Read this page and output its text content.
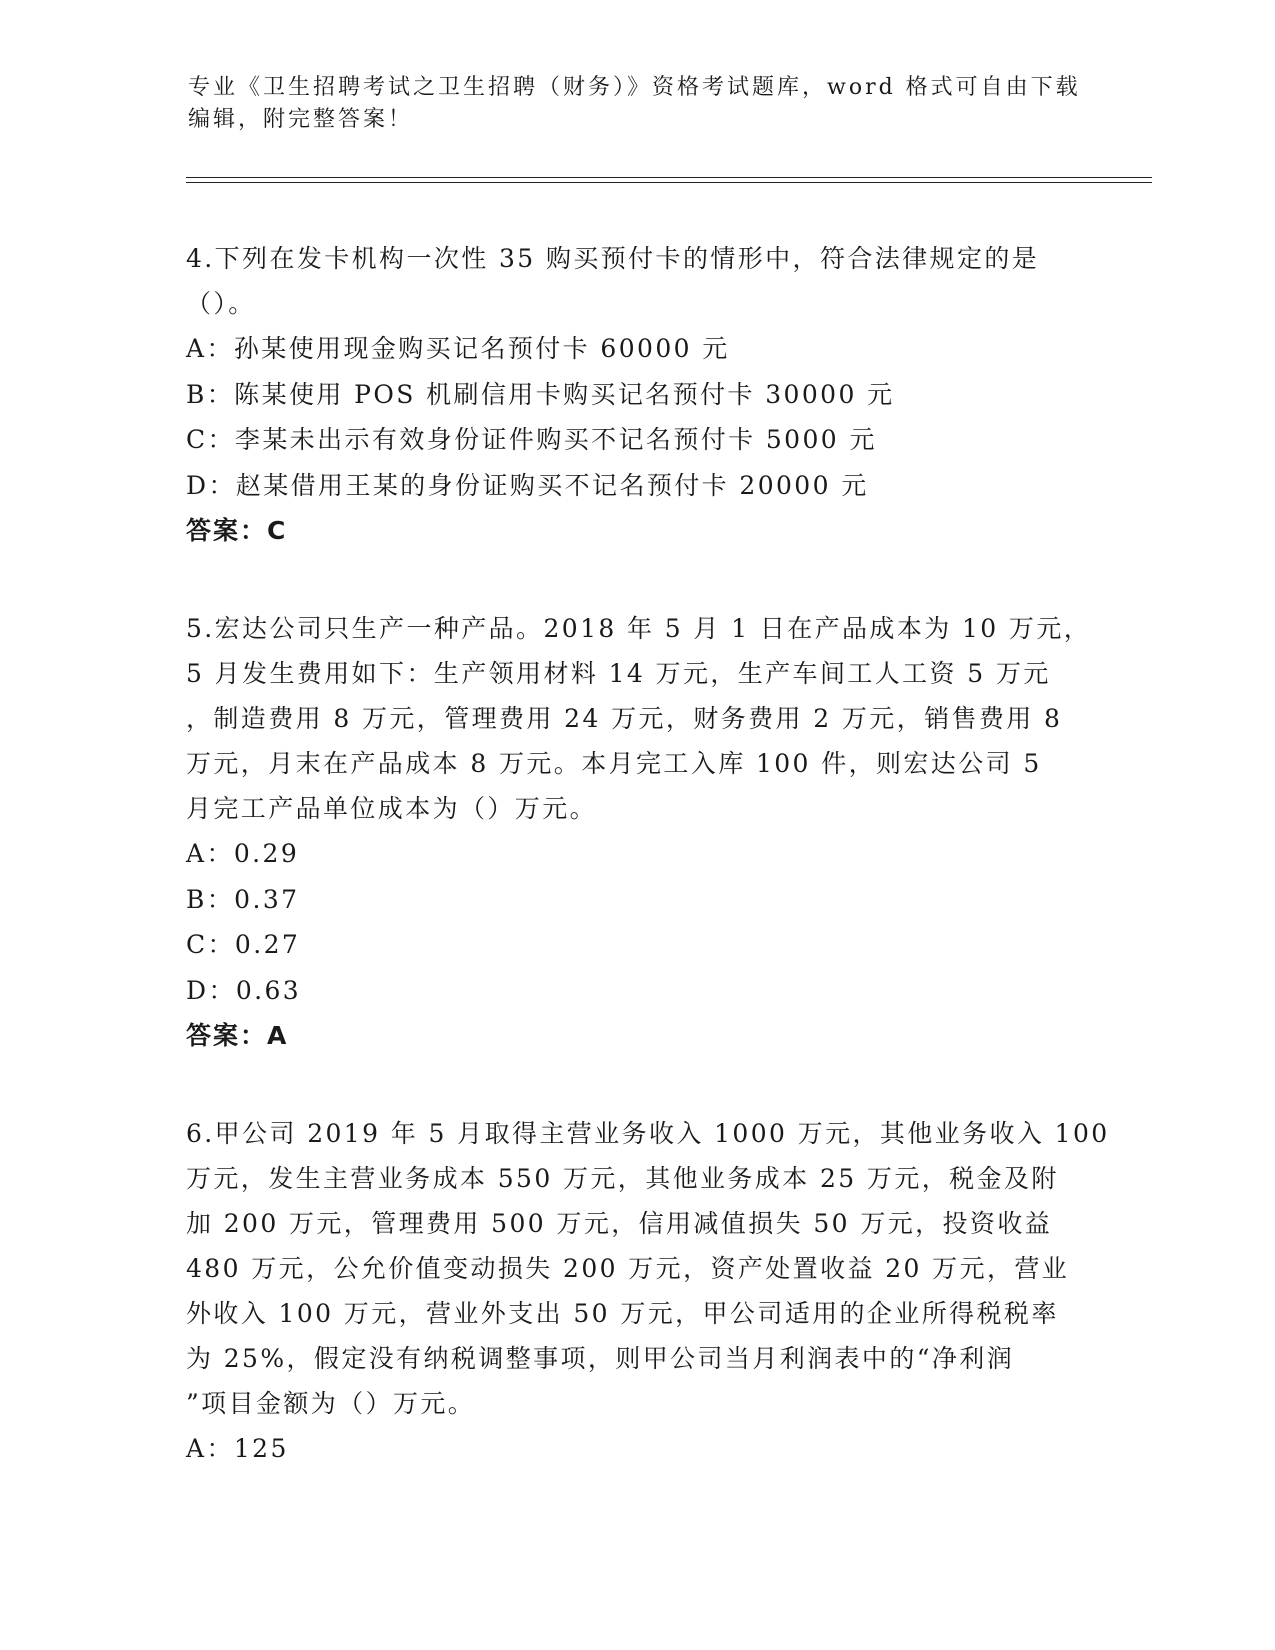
专业《卫生招聘考试之卫生招聘（财务）》资格考试题库，word 格式可自由下载

编辑，附完整答案！

4.下列在发卡机构一次性 35 购买预付卡的情形中，符合法律规定的是
（）。

A：孙某使用现金购买记名预付卡 60000 元

B：陈某使用 POS 机刷信用卡购买记名预付卡 30000 元

C：李某未出示有效身份证件购买不记名预付卡 5000 元

D：赵某借用王某的身份证购买不记名预付卡 20000 元

答案：C

5.宏达公司只生产一种产品。2018 年 5 月 1 日在产品成本为 10 万元，
5 月发生费用如下：生产领用材料 14 万元，生产车间工人工资 5 万元
，制造费用 8 万元，管理费用 24 万元，财务费用 2 万元，销售费用 8
万元，月末在产品成本 8 万元。本月完工入库 100 件，则宏达公司 5
月完工产品单位成本为（）万元。

A：0.29

B：0.37

C：0.27

D：0.63

答案：A

6.甲公司 2019 年 5 月取得主营业务收入 1000 万元，其他业务收入 100
万元，发生主营业务成本 550 万元，其他业务成本 25 万元，税金及附
加 200 万元，管理费用 500 万元，信用减值损失 50 万元，投资收益
480 万元，公允价值变动损失 200 万元，资产处置收益 20 万元，营业
外收入 100 万元，营业外支出 50 万元，甲公司适用的企业所得税税率
为 25%，假定没有纳税调整事项，则甲公司当月利润表中的“净利润
”项目金额为（）万元。

A：125
